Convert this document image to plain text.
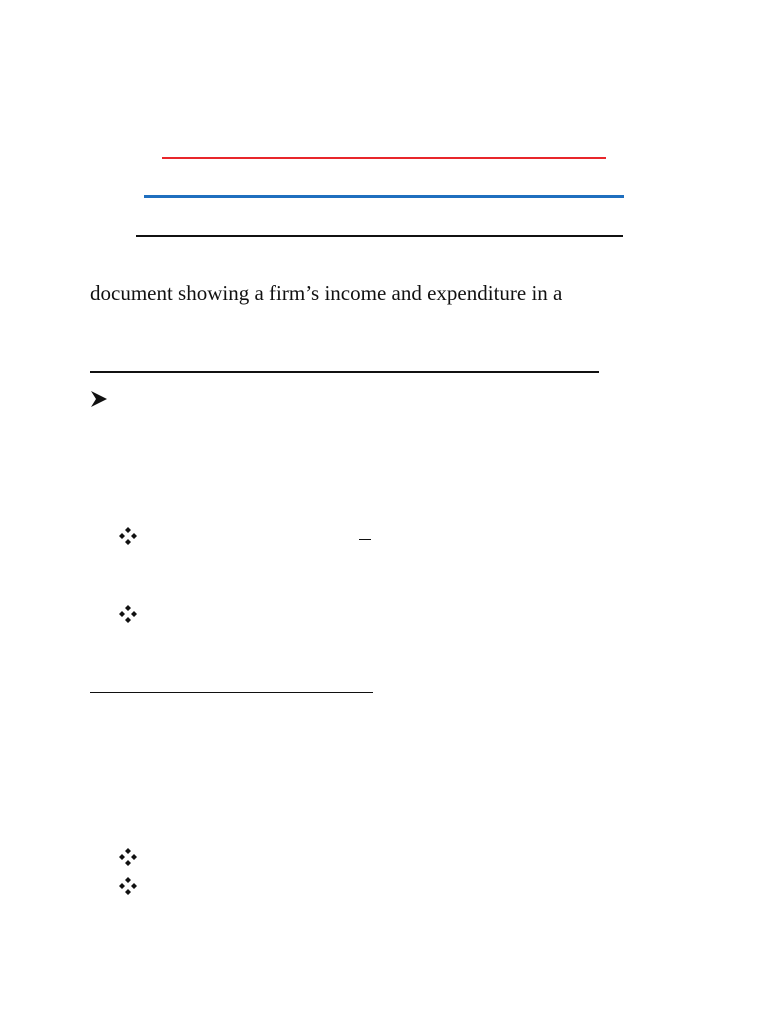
document showing a firm’s income and expenditure in a
